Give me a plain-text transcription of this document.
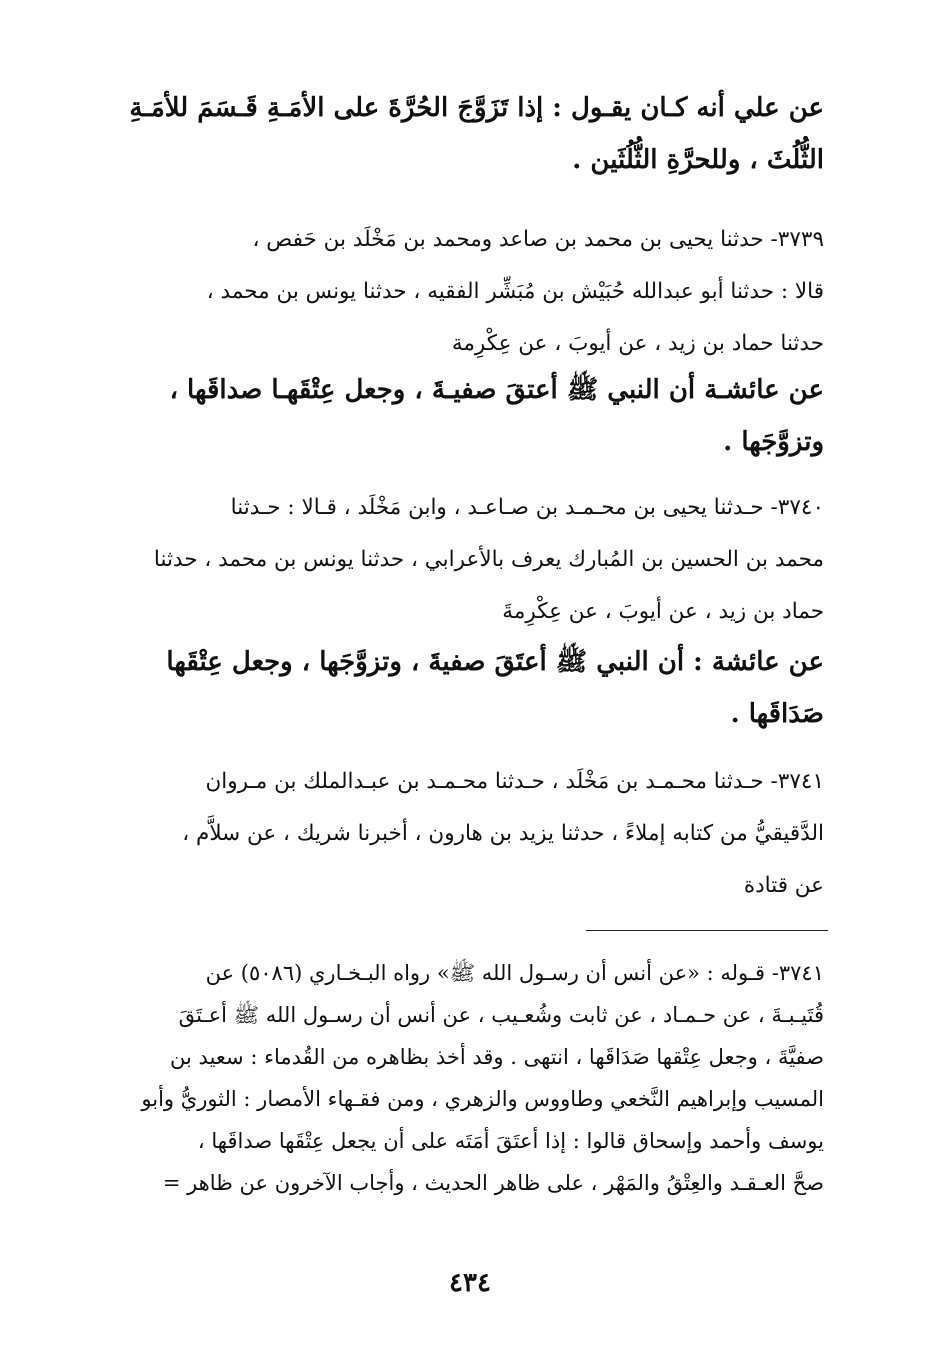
عن علي أنه كـان يقـول : إذا تَزَوَّجَ الحُرَّةَ على الأمَـةِ قَـسَمَ للأمَـةِ
الثُّلُثَ ، وللحرَّةِ الثُّلُثَين .
٣٧٣٩- حدثنا يحيى بن محمد بن صاعد ومحمد بن مَخْلَد بن حَفص ،
قالا : حدثنا أبو عبدالله حُبَيْش بن مُبَشِّر الفقيه ، حدثنا يونس بن محمد ،
حدثنا حماد بن زيد ، عن أيوبَ ، عن عِكْرِمة
عن عائشـة أن النبي ﷺ أعتقَ صفيـةَ ، وجعل عِتْقَهـا صداقَها ،
وتزوَّجَها .
٣٧٤٠- حـدثنا يحيى بن محـمـد بن صـاعـد ، وابن مَخْلَد ، قـالا : حـدثنا
محمد بن الحسين بن المُبارك يعرف بالأعرابي ، حدثنا يونس بن محمد ، حدثنا
حماد بن زيد ، عن أيوبَ ، عن عِكْرِمةَ
عن عائشة : أن النبي ﷺ أعتَقَ صفيةَ ، وتزوَّجَها ، وجعل عِتْقَها
صَدَاقَها .
٣٧٤١- حـدثنا محـمـد بن مَخْلَد ، حـدثنا محـمـد بن عبـدالملك بن مـروان
الدَّقيقيُّ من كتابه إملاءً ، حدثنا يزيد بن هارون ، أخبرنا شريك ، عن سلاَّم ،
عن قتادة
٣٧٤١- قـوله : «عن أنس أن رسـول الله ﷺ» رواه البـخـاري (٥٠٨٦) عن
قُتَيـبـةَ ، عن حـمـاد ، عن ثابت وشُعـيب ، عن أنس أن رسـول الله ﷺ أعـتَقَ
صفيَّةَ ، وجعل عِتْقها صَدَاقَها ، انتهى . وقد أخذ بظاهره من القُدماء : سعيد بن
المسيب وإبراهيم النَّخعي وطاووس والزهري ، ومن فقـهاء الأمصار : الثوريُّ وأبو
يوسف وأحمد وإسحاق قالوا : إذا أعتَقَ أمَتَه على أن يجعل عِتْقَها صداقَها ،
صحَّ العـقـد والعِتْقُ والمَهْر ، على ظاهر الحديث ، وأجاب الآخرون عن ظاهر =
٤٣٤
